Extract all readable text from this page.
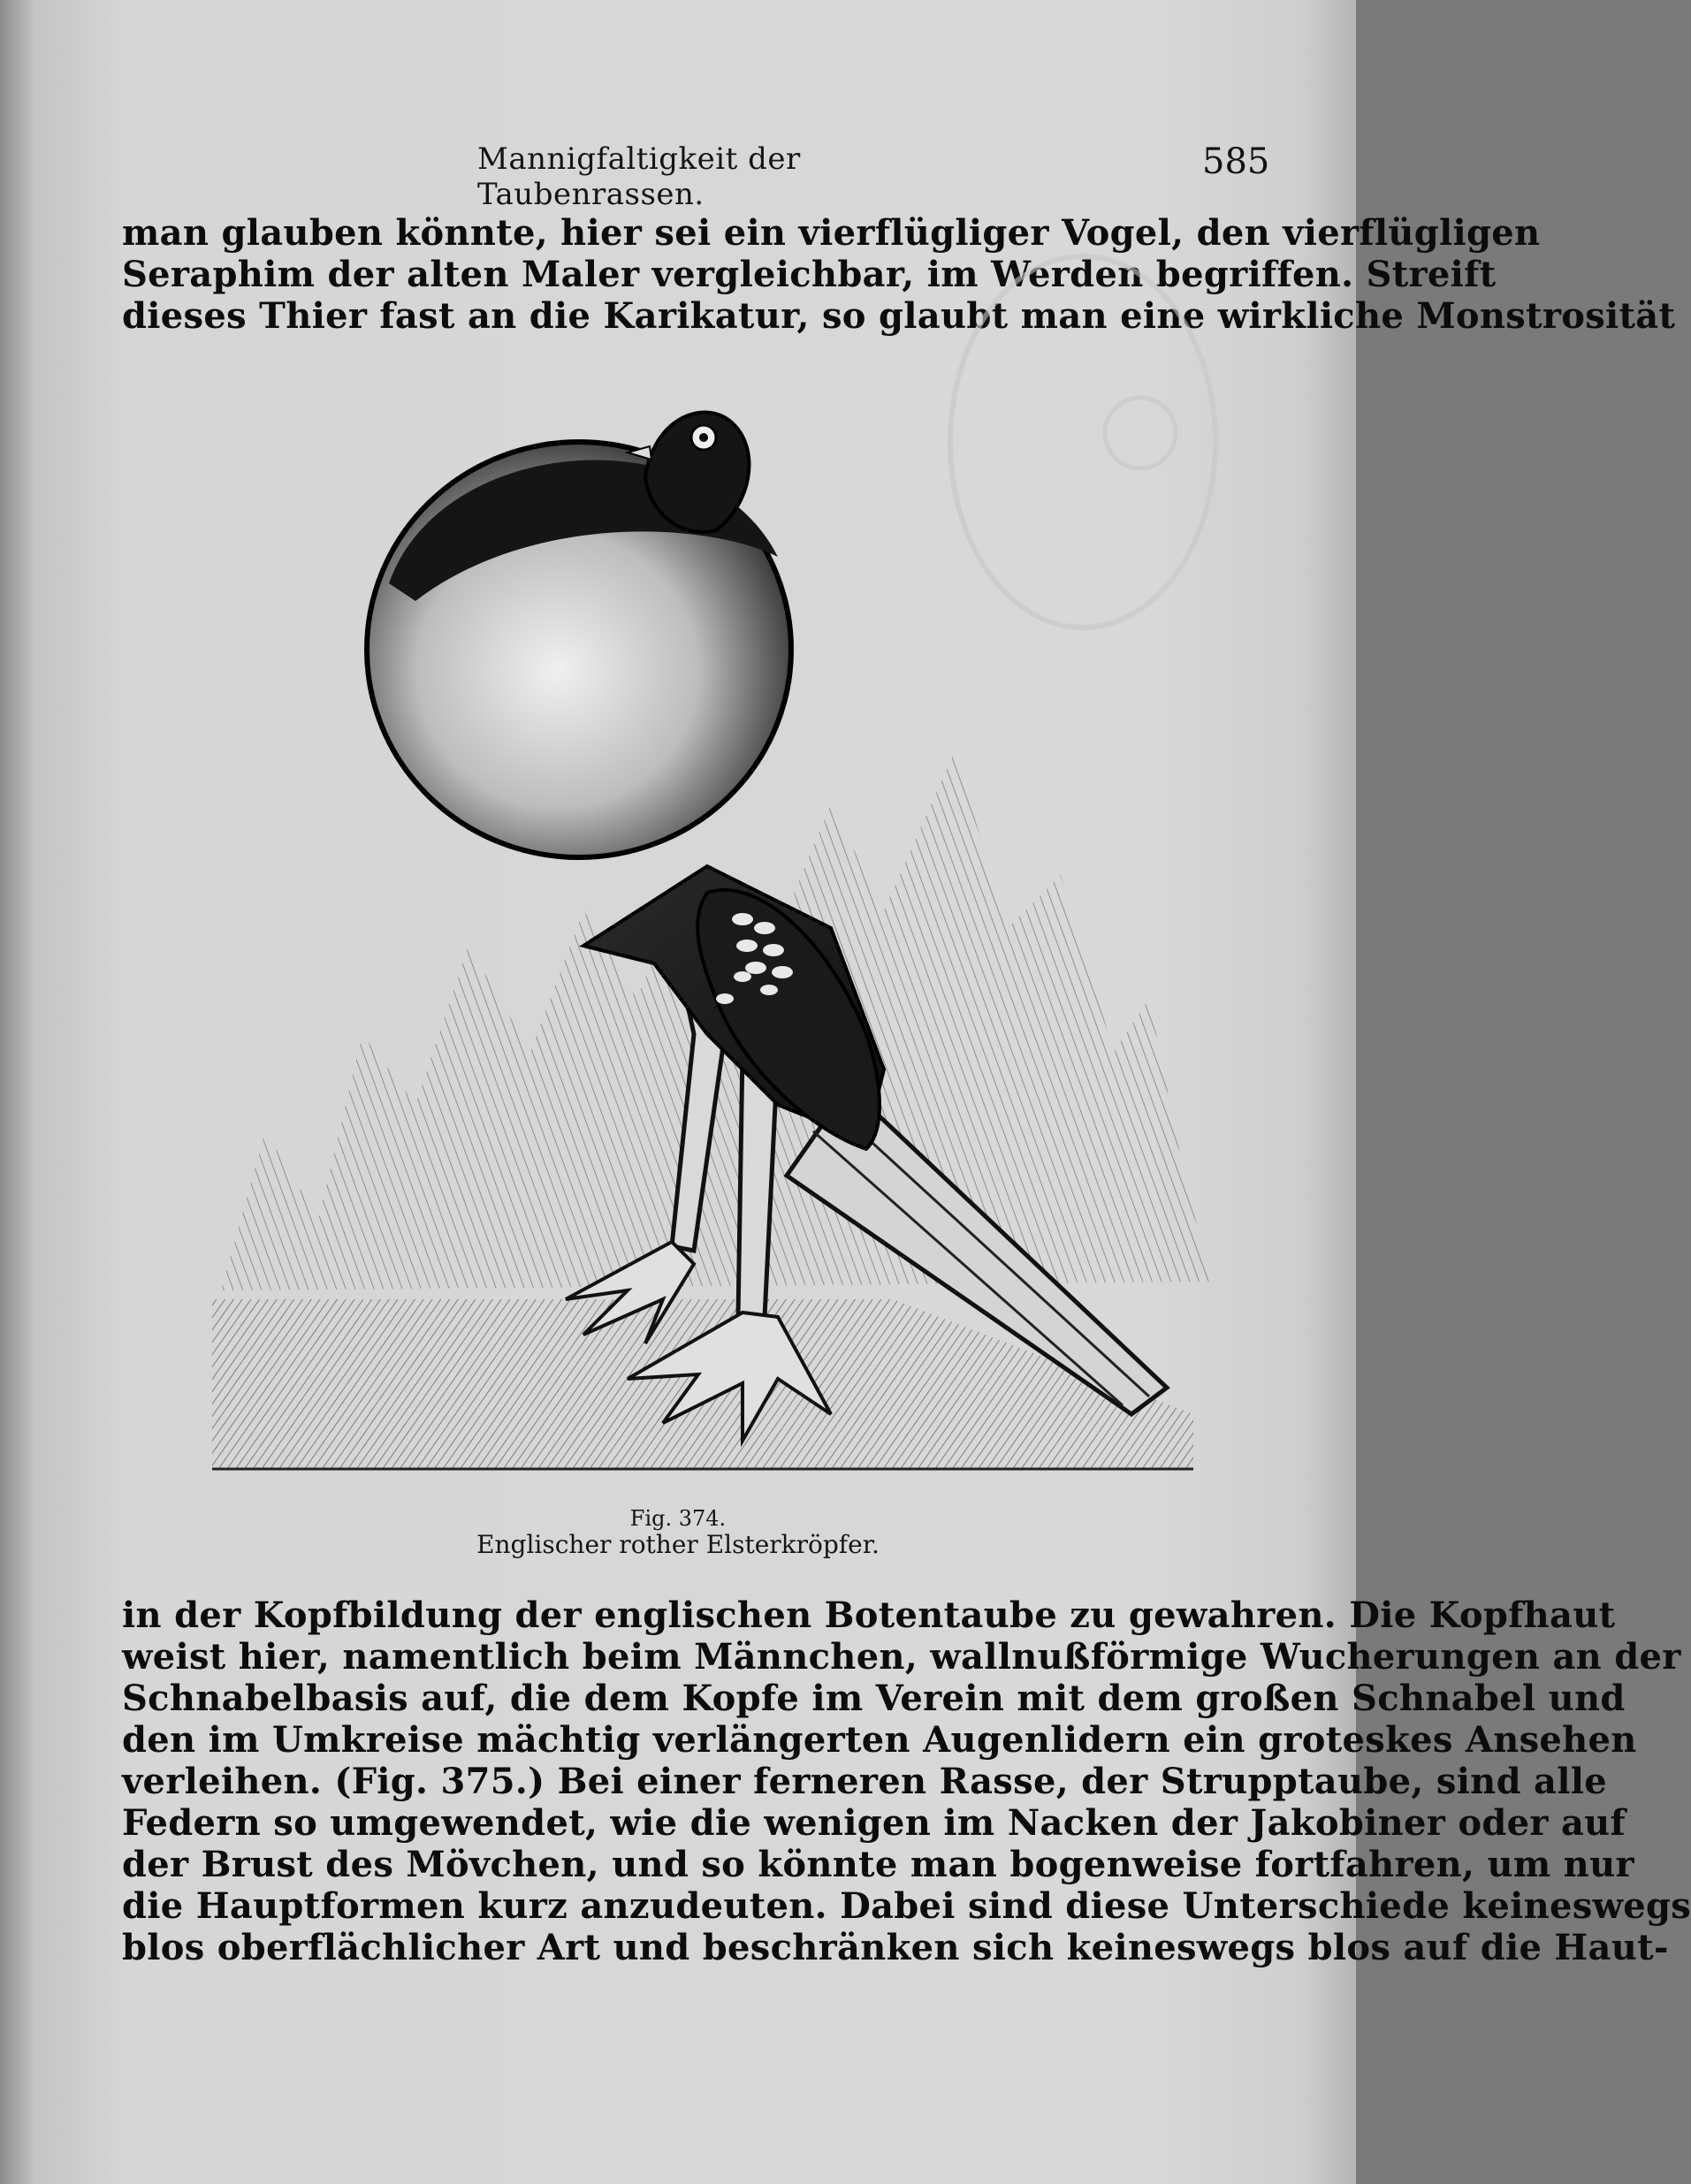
Mannigfaltigkeit der Taubenrassen.
585
man glauben könnte, hier sei ein vierflügliger Vogel, den vierflügligen
Seraphim der alten Maler vergleichbar, im Werden begriffen. Streift
dieses Thier fast an die Karikatur, so glaubt man eine wirkliche Monstrosität
Fig. 374.
Englischer rother Elsterkröpfer.
in der Kopfbildung der englischen Botentaube zu gewahren. Die Kopfhaut
weist hier, namentlich beim Männchen, wallnußförmige Wucherungen an der
Schnabelbasis auf, die dem Kopfe im Verein mit dem großen Schnabel und
den im Umkreise mächtig verlängerten Augenlidern ein groteskes Ansehen
verleihen. (Fig. 375.) Bei einer ferneren Rasse, der Strupptaube, sind alle
Federn so umgewendet, wie die wenigen im Nacken der Jakobiner oder auf
der Brust des Mövchen, und so könnte man bogenweise fortfahren, um nur
die Hauptformen kurz anzudeuten. Dabei sind diese Unterschiede keineswegs
blos oberflächlicher Art und beschränken sich keineswegs blos auf die Haut-
